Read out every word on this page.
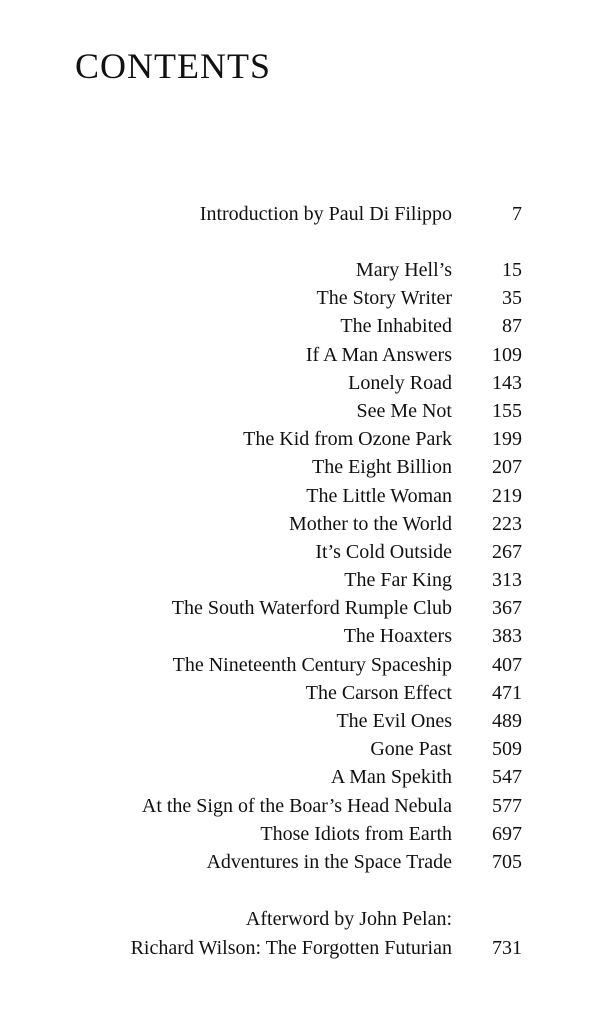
CONTENTS
Introduction by Paul Di Filippo	7
Mary Hell’s	15
The Story Writer	35
The Inhabited	87
If A Man Answers 109
Lonely Road 143
See Me Not 155
The Kid from Ozone Park 199
The Eight Billion 207
The Little Woman 219
Mother to the World 223
It’s Cold Outside 267
The Far King 313
The South Waterford Rumple Club 367
The Hoaxters 383
The Nineteenth Century Spaceship 407
The Carson Effect 471
The Evil Ones 489
Gone Past 509
A Man Spekith 547
At the Sign of the Boar’s Head Nebula 577
Those Idiots from Earth 697
Adventures in the Space Trade 705
Afterword by John Pelan:
Richard Wilson: The Forgotten Futurian 731
